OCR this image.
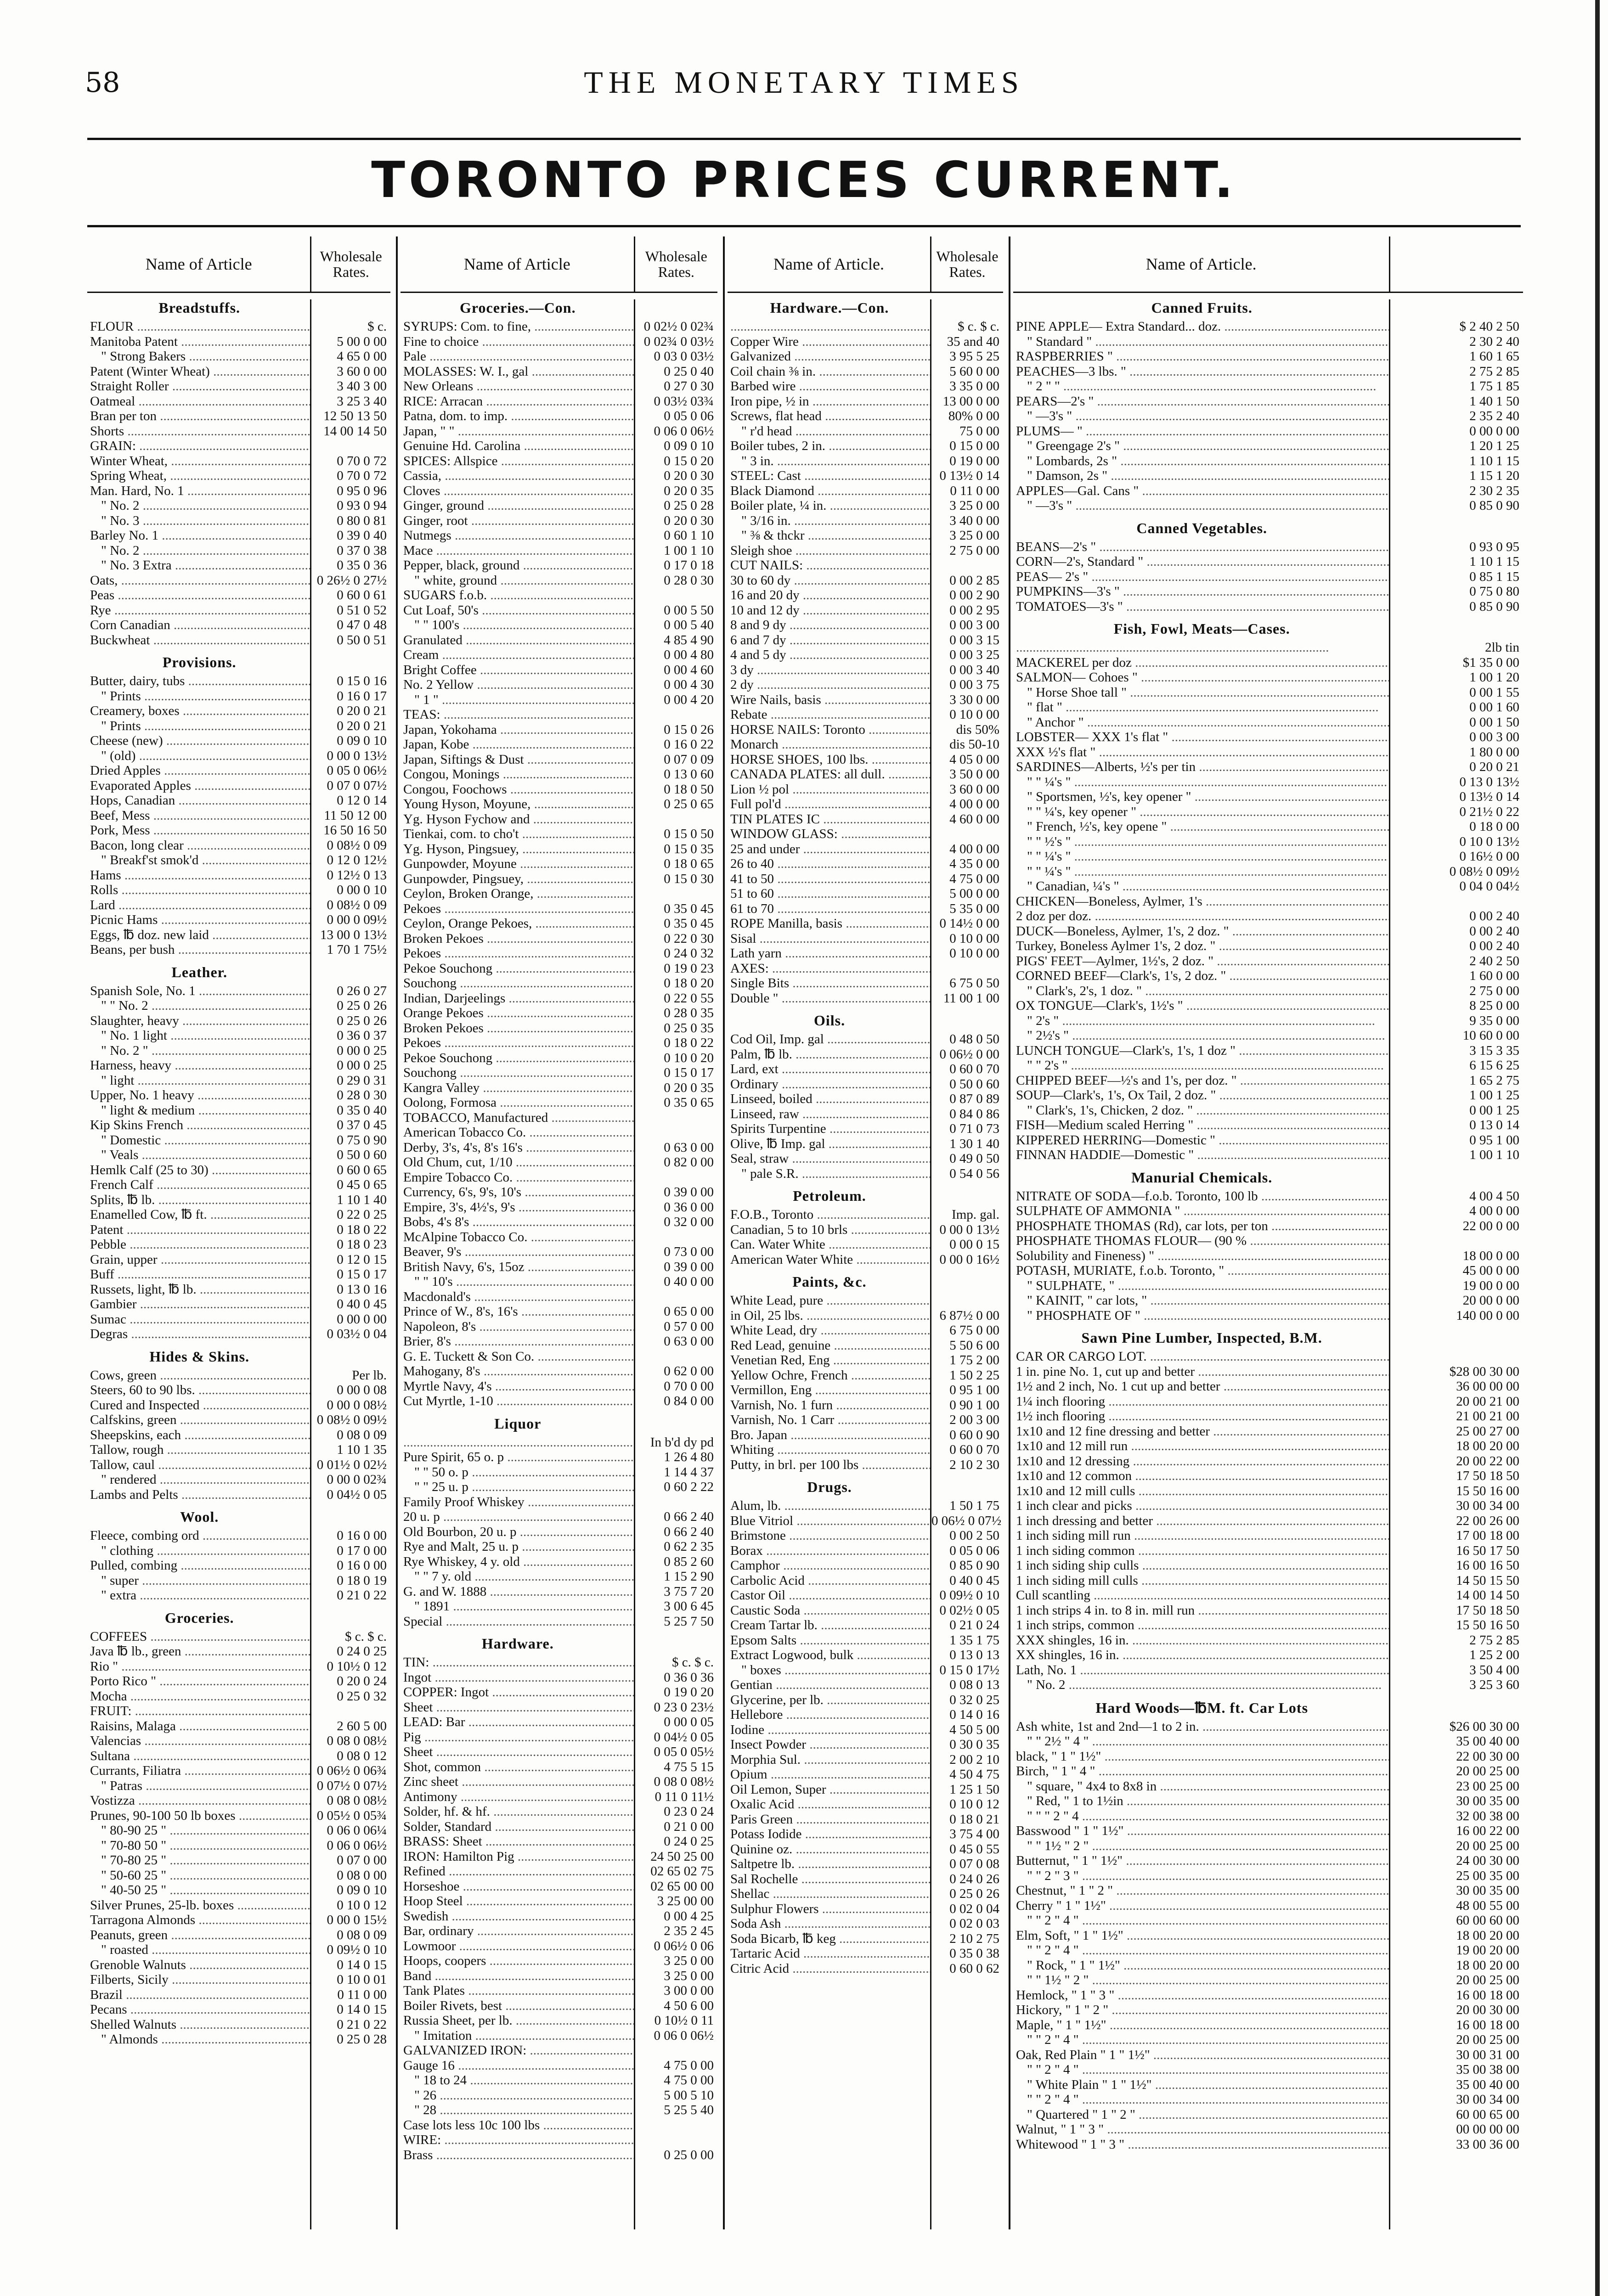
58	THE MONETARY TIMES
TORONTO PRICES CURRENT.
Name of Article	Wholesale Rates.
Breadstuffs.
FLOUR .....	$ c.
Manitoba Patent .....	5 00 0 00
" Strong Bakers .....	4 65 0 00
Patent (Winter Wheat) .....	3 60 0 00
Straight Roller .....	3 40 3 00
Oatmeal .....	3 25 3 40
Bran per ton .....	12 50 13 50
Shorts .....	14 00 14 50
GRAIN: .....
Winter Wheat, .....	0 70 0 72
Spring Wheat, .....	0 70 0 72
Man. Hard, No. 1 .....	0 95 0 96
" No. 2 .....	0 93 0 94
" No. 3 .....	0 80 0 81
Barley No. 1 .....	0 39 0 40
" No. 2 .....	0 37 0 38
" No. 3 Extra .....	0 35 0 36
Oats, .....	0 26½ 0 27½
Peas .....	0 60 0 61
Rye .....	0 51 0 52
Corn Canadian .....	0 47 0 48
Buckwheat .....	0 50 0 51
Provisions.
Butter, dairy, tubs .....	0 15 0 16
" Prints .....	0 16 0 17
Creamery, boxes .....	0 20 0 21
" Prints .....	0 20 0 21
Cheese (new) .....	0 09 0 10
" (old) .....	0 00 0 13½
Dried Apples .....	0 05 0 06½
Evaporated Apples .....	0 07 0 07½
Hops, Canadian .....	0 12 0 14
Beef, Mess .....	11 50 12 00
Pork, Mess .....	16 50 16 50
Bacon, long clear .....	0 08½ 0 09
" Breakf'st smok'd .....	0 12 0 12½
Hams .....	0 12½ 0 13
Rolls .....	0 00 0 10
Lard .....	0 08½ 0 09
Picnic Hams .....	0 00 0 09½
Eggs, ℔ doz. new laid .....	13 00 0 13½
Beans, per bush .....	1 70 1 75½
Leather.
Spanish Sole, No. 1 .....	0 26 0 27
" " No. 2 .....	0 25 0 26
Slaughter, heavy .....	0 25 0 26
" No. 1 light .....	0 36 0 37
" No. 2 " .....	0 00 0 25
Harness, heavy .....	0 00 0 25
" light .....	0 29 0 31
Upper, No. 1 heavy .....	0 28 0 30
" light & medium .....	0 35 0 40
Kip Skins French .....	0 37 0 45
" Domestic .....	0 75 0 90
" Veals .....	0 50 0 60
Hemlk Calf (25 to 30) .....	0 60 0 65
French Calf .....	0 45 0 65
Splits, ℔ lb. .....	1 10 1 40
Enamelled Cow, ℔ ft. .....	0 22 0 25
Patent .....	0 18 0 22
Pebble .....	0 18 0 23
Grain, upper .....	0 12 0 15
Buff .....	0 15 0 17
Russets, light, ℔ lb. .....	0 13 0 16
Gambier .....	0 40 0 45
Sumac .....	0 00 0 00
Degras .....	0 03½ 0 04
Hides & Skins.
Cows, green .....	Per lb.
Steers, 60 to 90 lbs. .....	0 00 0 08
Cured and Inspected .....	0 00 0 08½
Calfskins, green .....	0 08½ 0 09½
Sheepskins, each .....	0 08 0 09
Tallow, rough .....	1 10 1 35
Tallow, caul .....	0 01½ 0 02½
" rendered .....	0 00 0 02¾
Lambs and Pelts .....	0 04½ 0 05
Wool.
Fleece, combing ord .....	0 16 0 00
" clothing .....	0 17 0 00
Pulled, combing .....	0 16 0 00
" super .....	0 18 0 19
" extra .....	0 21 0 22
Groceries.
COFFEES .....	$ c. $ c.
Java ℔ lb., green .....	0 24 0 25
Rio " .....	0 10½ 0 12
Porto Rico " .....	0 20 0 24
Mocha .....	0 25 0 32
FRUIT: .....
Raisins, Malaga .....	2 60 5 00
Valencias .....	0 08 0 08½
Sultana .....	0 08 0 12
Currants, Filiatra .....	0 06½ 0 06¾
" Patras .....	0 07½ 0 07½
Vostizza .....	0 08 0 08½
Prunes, 90-100 50 lb boxes .....	0 05½ 0 05¾
" 80-90 25 " .....	0 06 0 06¼
" 70-80 50 " .....	0 06 0 06½
" 70-80 25 " .....	0 07 0 00
" 50-60 25 " .....	0 08 0 00
" 40-50 25 " .....	0 09 0 10
Silver Prunes, 25-lb. boxes .....	0 10 0 12
Tarragona Almonds .....	0 00 0 15½
Peanuts, green .....	0 08 0 09
" roasted .....	0 09½ 0 10
Grenoble Walnuts .....	0 14 0 15
Filberts, Sicily .....	0 10 0 01
Brazil .....	0 11 0 00
Pecans .....	0 14 0 15
Shelled Walnuts .....	0 21 0 22
" Almonds .....	0 25 0 28
Name of Article	Wholesale Rates.
Groceries.—Con.
SYRUPS: Com. to fine, .....	0 02½ 0 02¾
Fine to choice .....	0 02¾ 0 03½
Pale .....	0 03 0 03½
MOLASSES: W. I., gal .....	0 25 0 40
New Orleans .....	0 27 0 30
RICE: Arracan .....	0 03½ 03¾
Patna, dom. to imp. .....	0 05 0 06
Japan, " " .....	0 06 0 06½
Genuine Hd. Carolina .....	0 09 0 10
SPICES: Allspice .....	0 15 0 20
Cassia, .....	0 20 0 30
Cloves .....	0 20 0 35
Ginger, ground .....	0 25 0 28
Ginger, root .....	0 20 0 30
Nutmegs .....	0 60 1 10
Mace .....	1 00 1 10
Pepper, black, ground .....	0 17 0 18
" white, ground .....	0 28 0 30
SUGARS f.o.b. .....
Cut Loaf, 50's .....	0 00 5 50
" " 100's .....	0 00 5 40
Granulated .....	4 85 4 90
Cream .....	0 00 4 80
Bright Coffee .....	0 00 4 60
No. 2 Yellow .....	0 00 4 30
" 1 " .....	0 00 4 20
TEAS: .....
Japan, Yokohama .....	0 15 0 26
Japan, Kobe .....	0 16 0 22
Japan, Siftings & Dust .....	0 07 0 09
Congou, Monings .....	0 13 0 60
Congou, Foochows .....	0 18 0 50
Young Hyson, Moyune, .....	0 25 0 65
Yg. Hyson Fychow and .....
Tienkai, com. to cho't .....	0 15 0 50
Yg. Hyson, Pingsuey, .....	0 15 0 35
Gunpowder, Moyune .....	0 18 0 65
Gunpowder, Pingsuey, .....	0 15 0 30
Ceylon, Broken Orange, .....
Pekoes .....	0 35 0 45
Ceylon, Orange Pekoes, .....	0 35 0 45
Broken Pekoes .....	0 22 0 30
Pekoes .....	0 24 0 32
Pekoe Souchong .....	0 19 0 23
Souchong .....	0 18 0 20
Indian, Darjeelings .....	0 22 0 55
Orange Pekoes .....	0 28 0 35
Broken Pekoes .....	0 25 0 35
Pekoes .....	0 18 0 22
Pekoe Souchong .....	0 10 0 20
Souchong .....	0 15 0 17
Kangra Valley .....	0 20 0 35
Oolong, Formosa .....	0 35 0 65
TOBACCO, Manufactured .....
American Tobacco Co. .....
Derby, 3's, 4's, 8's 16's .....	0 63 0 00
Old Chum, cut, 1/10 .....	0 82 0 00
Empire Tobacco Co. .....
Currency, 6's, 9's, 10's .....	0 39 0 00
Empire, 3's, 4½'s, 9's .....	0 36 0 00
Bobs, 4's 8's .....	0 32 0 00
McAlpine Tobacco Co. .....
Beaver, 9's .....	0 73 0 00
British Navy, 6's, 15oz .....	0 39 0 00
" " 10's .....	0 40 0 00
Macdonald's .....
Prince of W., 8's, 16's .....	0 65 0 00
Napoleon, 8's .....	0 57 0 00
Brier, 8's .....	0 63 0 00
G. E. Tuckett & Son Co. .....
Mahogany, 8's .....	0 62 0 00
Myrtle Navy, 4's .....	0 70 0 00
Cut Myrtle, 1-10 .....	0 84 0 00
Liquor
.....
In b'd dy pd
Pure Spirit, 65 o. p .....	1 26 4 80
" " 50 o. p .....	1 14 4 37
" " 25 u. p .....	0 60 2 22
Family Proof Whiskey .....
20 u. p .....	0 66 2 40
Old Bourbon, 20 u. p .....	0 66 2 40
Rye and Malt, 25 u. p .....	0 62 2 35
Rye Whiskey, 4 y. old .....	0 85 2 60
" " 7 y. old .....	1 15 2 90
G. and W. 1888 .....	3 75 7 20
" 1891 .....	3 00 6 45
Special .....	5 25 7 50
Hardware.
TIN: .....	$ c. $ c.
Ingot .....	0 36 0 36
COPPER: Ingot .....	0 19 0 20
Sheet .....	0 23 0 23½
LEAD: Bar .....	0 00 0 05
Pig .....	0 04½ 0 05
Sheet .....	0 05 0 05½
Shot, common .....	4 75 5 15
Zinc sheet .....	0 08 0 08½
Antimony .....	0 11 0 11½
Solder, hf. & hf. .....	0 23 0 24
Solder, Standard .....	0 21 0 00
BRASS: Sheet .....	0 24 0 25
IRON: Hamilton Pig .....	24 50 25 00
Refined .....	02 65 02 75
Horseshoe .....	02 65 00 00
Hoop Steel .....	3 25 00 00
Swedish .....	0 00 4 25
Bar, ordinary .....	2 35 2 45
Lowmoor .....	0 06½ 0 06
Hoops, coopers .....	3 25 0 00
Band .....	3 25 0 00
Tank Plates .....	3 00 0 00
Boiler Rivets, best .....	4 50 6 00
Russia Sheet, per lb. .....	0 10½ 0 11
" Imitation .....	0 06 0 06½
GALVANIZED IRON: .....
Gauge 16 .....	4 75 0 00
" 18 to 24 .....	4 75 0 00
" 26 .....	5 00 5 10
" 28 .....	5 25 5 40
Case lots less 10c 100 lbs .....
WIRE: .....
Brass .....	0 25 0 00
Name of Article.	Wholesale Rates.
Hardware.—Con.
.....
$ c. $ c.
Copper Wire .....	35 and 40
Galvanized .....	3 95 5 25
Coil chain ⅜ in. .....	5 60 0 00
Barbed wire .....	3 35 0 00
Iron pipe, ½ in .....	13 00 0 00
Screws, flat head .....	80% 0 00
" r'd head .....	75 0 00
Boiler tubes, 2 in. .....	0 15 0 00
" 3 in. .....	0 19 0 00
STEEL: Cast .....	0 13½ 0 14
Black Diamond .....	0 11 0 00
Boiler plate, ¼ in. .....	3 25 0 00
" 3/16 in. .....	3 40 0 00
" ⅜ & thckr .....	3 25 0 00
Sleigh shoe .....	2 75 0 00
CUT NAILS: .....
30 to 60 dy .....	0 00 2 85
16 and 20 dy .....	0 00 2 90
10 and 12 dy .....	0 00 2 95
8 and 9 dy .....	0 00 3 00
6 and 7 dy .....	0 00 3 15
4 and 5 dy .....	0 00 3 25
3 dy .....	0 00 3 40
2 dy .....	0 00 3 75
Wire Nails, basis .....	3 30 0 00
Rebate .....	0 10 0 00
HORSE NAILS: Toronto .....	dis 50%
Monarch .....	dis 50-10
HORSE SHOES, 100 lbs. .....	4 05 0 00
CANADA PLATES: all dull. .....	3 50 0 00
Lion ½ pol .....	3 60 0 00
Full pol'd .....	4 00 0 00
TIN PLATES IC .....	4 60 0 00
WINDOW GLASS: .....
25 and under .....	4 00 0 00
26 to 40 .....	4 35 0 00
41 to 50 .....	4 75 0 00
51 to 60 .....	5 00 0 00
61 to 70 .....	5 35 0 00
ROPE Manilla, basis .....	0 14½ 0 00
Sisal .....	0 10 0 00
Lath yarn .....	0 10 0 00
AXES: .....
Single Bits .....	6 75 0 50
Double " .....	11 00 1 00
Oils.
Cod Oil, Imp. gal .....	0 48 0 50
Palm, ℔ lb. .....	0 06½ 0 00
Lard, ext .....	0 60 0 70
Ordinary .....	0 50 0 60
Linseed, boiled .....	0 87 0 89
Linseed, raw .....	0 84 0 86
Spirits Turpentine .....	0 71 0 73
Olive, ℔ Imp. gal .....	1 30 1 40
Seal, straw .....	0 49 0 50
" pale S.R. .....	0 54 0 56
Petroleum.
F.O.B., Toronto .....	Imp. gal.
Canadian, 5 to 10 brls .....	0 00 0 13½
Can. Water White .....	0 00 0 15
American Water White .....	0 00 0 16½
Paints, &c.
White Lead, pure .....
in Oil, 25 lbs. .....	6 87½ 0 00
White Lead, dry .....	6 75 0 00
Red Lead, genuine .....	5 50 6 00
Venetian Red, Eng .....	1 75 2 00
Yellow Ochre, French .....	1 50 2 25
Vermillon, Eng .....	0 95 1 00
Varnish, No. 1 furn .....	0 90 1 00
Varnish, No. 1 Carr .....	2 00 3 00
Bro. Japan .....	0 60 0 90
Whiting .....	0 60 0 70
Putty, in brl. per 100 lbs .....	2 10 2 30
Drugs.
Alum, lb. .....	1 50 1 75
Blue Vitriol .....	0 06½ 0 07½
Brimstone .....	0 00 2 50
Borax .....	0 05 0 06
Camphor .....	0 85 0 90
Carbolic Acid .....	0 40 0 45
Castor Oil .....	0 09½ 0 10
Caustic Soda .....	0 02½ 0 05
Cream Tartar lb. .....	0 21 0 24
Epsom Salts .....	1 35 1 75
Extract Logwood, bulk .....	0 13 0 13
" boxes .....	0 15 0 17½
Gentian .....	0 08 0 13
Glycerine, per lb. .....	0 32 0 25
Hellebore .....	0 14 0 16
Iodine .....	4 50 5 00
Insect Powder .....	0 30 0 35
Morphia Sul. .....	2 00 2 10
Opium .....	4 50 4 75
Oil Lemon, Super .....	1 25 1 50
Oxalic Acid .....	0 10 0 12
Paris Green .....	0 18 0 21
Potass Iodide .....	3 75 4 00
Quinine oz. .....	0 45 0 55
Saltpetre lb. .....	0 07 0 08
Sal Rochelle .....	0 24 0 26
Shellac .....	0 25 0 26
Sulphur Flowers .....	0 02 0 04
Soda Ash .....	0 02 0 03
Soda Bicarb, ℔ keg .....	2 10 2 75
Tartaric Acid .....	0 35 0 38
Citric Acid .....	0 60 0 62
Name of Article.
Canned Fruits.
PINE APPLE— Extra Standard... doz. .....	$ 2 40 2 50
" Standard " .....	2 30 2 40
RASPBERRIES " .....	1 60 1 65
PEACHES—3 lbs. " .....	2 75 2 85
" 2 " " .....	1 75 1 85
PEARS—2's " .....	1 40 1 50
" —3's " .....	2 35 2 40
PLUMS— " .....	0 00 0 00
" Greengage 2's " .....	1 20 1 25
" Lombards, 2s " .....	1 10 1 15
" Damson, 2s " .....	1 15 1 20
APPLES—Gal. Cans " .....	2 30 2 35
" —3's " .....	0 85 0 90
Canned Vegetables.
BEANS—2's " .....	0 93 0 95
CORN—2's, Standard " .....	1 10 1 15
PEAS— 2's " .....	0 85 1 15
PUMPKINS—3's " .....	0 75 0 80
TOMATOES—3's " .....	0 85 0 90
Fish, Fowl, Meats—Cases.
.....
2lb tin
MACKEREL per doz .....	$1 35 0 00
SALMON— Cohoes " .....	1 00 1 20
" Horse Shoe tall " .....	0 00 1 55
" flat " .....	0 00 1 60
" Anchor " .....	0 00 1 50
LOBSTER— XXX 1's flat " .....	0 00 3 00
XXX ½'s flat " .....	1 80 0 00
SARDINES—Alberts, ½'s per tin .....	0 20 0 21
" " ¼'s " .....	0 13 0 13½
" Sportsmen, ½'s, key opener " .....	0 13½ 0 14
" " ¼'s, key opener " .....	0 21½ 0 22
" French, ½'s, key opene " .....	0 18 0 00
" " ½'s " .....	0 10 0 13½
" " ¼'s " .....	0 16½ 0 00
" " ¼'s " .....	0 08½ 0 09½
" Canadian, ¼'s " .....	0 04 0 04½
CHICKEN—Boneless, Aylmer, 1's .....
2 doz per doz. .....	0 00 2 40
DUCK—Boneless, Aylmer, 1's, 2 doz. " .....	0 00 2 40
Turkey, Boneless Aylmer 1's, 2 doz. " .....	0 00 2 40
PIGS' FEET—Aylmer, 1½'s, 2 doz. " .....	2 40 2 50
CORNED BEEF—Clark's, 1's, 2 doz. " .....	1 60 0 00
" Clark's, 2's, 1 doz. " .....	2 75 0 00
OX TONGUE—Clark's, 1½'s " .....	8 25 0 00
" 2's " .....	9 35 0 00
" 2½'s " .....	10 60 0 00
LUNCH TONGUE—Clark's, 1's, 1 doz " .....	3 15 3 35
" " 2's " .....	6 15 6 25
CHIPPED BEEF—½'s and 1's, per doz. " .....	1 65 2 75
SOUP—Clark's, 1's, Ox Tail, 2 doz. " .....	1 00 1 25
" Clark's, 1's, Chicken, 2 doz. " .....	0 00 1 25
FISH—Medium scaled Herring " .....	0 13 0 14
KIPPERED HERRING—Domestic " .....	0 95 1 00
FINNAN HADDIE—Domestic " .....	1 00 1 10
Manurial Chemicals.
NITRATE OF SODA—f.o.b. Toronto, 100 lb .....	4 00 4 50
SULPHATE OF AMMONIA " .....	4 00 0 00
PHOSPHATE THOMAS (Rd), car lots, per ton .....	22 00 0 00
PHOSPHATE THOMAS FLOUR— (90 % .....
Solubility and Fineness) " .....	18 00 0 00
POTASH, MURIATE, f.o.b. Toronto, " .....	45 00 0 00
" SULPHATE, " .....	19 00 0 00
" KAINIT, " car lots, " .....	20 00 0 00
" PHOSPHATE OF " .....	140 00 0 00
Sawn Pine Lumber, Inspected, B.M.
CAR OR CARGO LOT. .....
1 in. pine No. 1, cut up and better .....	$28 00 30 00
1½ and 2 inch, No. 1 cut up and better .....	36 00 00 00
1¼ inch flooring .....	20 00 21 00
1½ inch flooring .....	21 00 21 00
1x10 and 12 fine dressing and better .....	25 00 27 00
1x10 and 12 mill run .....	18 00 20 00
1x10 and 12 dressing .....	20 00 22 00
1x10 and 12 common .....	17 50 18 50
1x10 and 12 mill culls .....	15 50 16 00
1 inch clear and picks .....	30 00 34 00
1 inch dressing and better .....	22 00 26 00
1 inch siding mill run .....	17 00 18 00
1 inch siding common .....	16 50 17 50
1 inch siding ship culls .....	16 00 16 50
1 inch siding mill culls .....	14 50 15 50
Cull scantling .....	14 00 14 50
1 inch strips 4 in. to 8 in. mill run .....	17 50 18 50
1 inch strips, common .....	15 50 16 50
XXX shingles, 16 in. .....	2 75 2 85
XX shingles, 16 in. .....	1 25 2 00
Lath, No. 1 .....	3 50 4 00
" No. 2 .....	3 25 3 60
Hard Woods—℔M. ft. Car Lots
Ash white, 1st and 2nd—1 to 2 in. .....	$26 00 30 00
" " 2½ " 4 " .....	35 00 40 00
black, " 1 " 1½" .....	22 00 30 00
Birch, " 1 " 4 " .....	20 00 25 00
" square, " 4x4 to 8x8 in .....	23 00 25 00
" Red, " 1 to 1½in .....	30 00 35 00
" " " 2 " 4 .....	32 00 38 00
Basswood " 1 " 1½" .....	16 00 22 00
" " 1½ " 2 " .....	20 00 25 00
Butternut, " 1 " 1½" .....	24 00 30 00
" " 2 " 3 " .....	25 00 35 00
Chestnut, " 1 " 2 " .....	30 00 35 00
Cherry " 1 " 1½" .....	48 00 55 00
" " 2 " 4 " .....	60 00 60 00
Elm, Soft, " 1 " 1½" .....	18 00 20 00
" " 2 " 4 " .....	19 00 20 00
" Rock, " 1 " 1½" .....	18 00 20 00
" " 1½ " 2 " .....	20 00 25 00
Hemlock, " 1 " 3 " .....	16 00 18 00
Hickory, " 1 " 2 " .....	20 00 30 00
Maple, " 1 " 1½" .....	16 00 18 00
" " 2 " 4 " .....	20 00 25 00
Oak, Red Plain " 1 " 1½" .....	30 00 31 00
" " 2 " 4 " .....	35 00 38 00
" White Plain " 1 " 1½" .....	35 00 40 00
" " 2 " 4 " .....	30 00 34 00
" Quartered " 1 " 2 " .....	60 00 65 00
Walnut, " 1 " 3 " .....	00 00 00 00
Whitewood " 1 " 3 " .....	33 00 36 00
